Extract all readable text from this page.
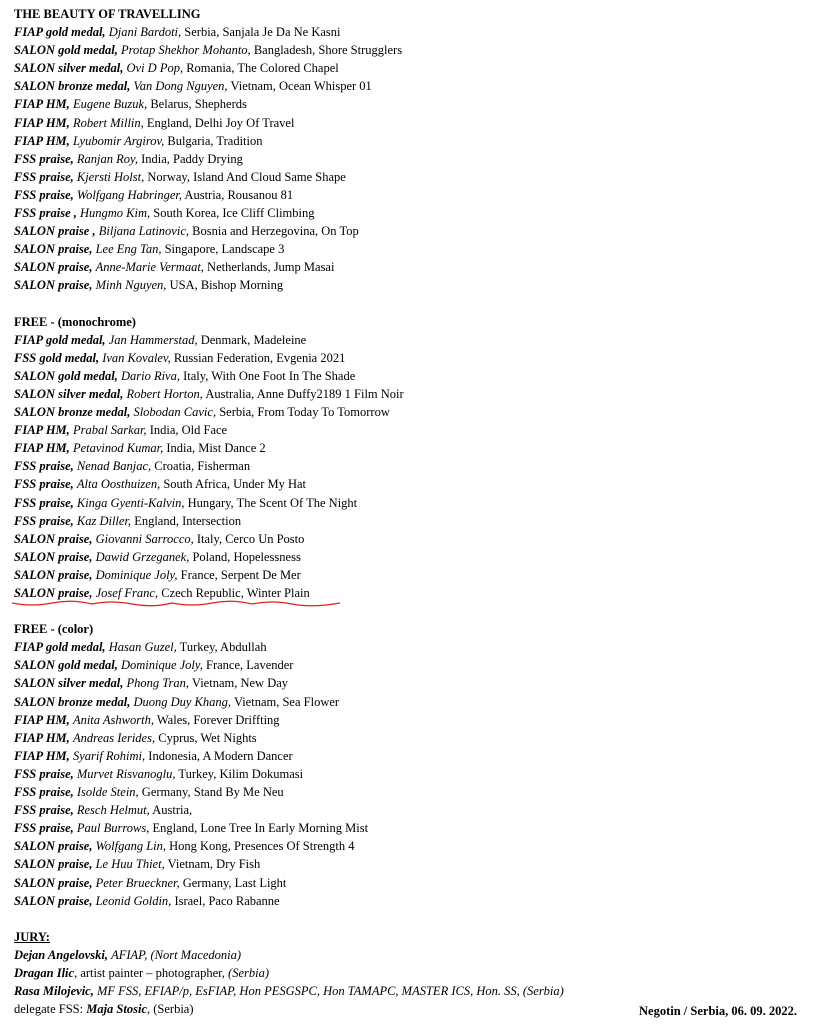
THE BEAUTY OF TRAVELLING
FIAP gold medal, Djani Bardoti, Serbia, Sanjala Je Da Ne Kasni
SALON gold medal, Protap Shekhor Mohanto, Bangladesh, Shore Strugglers
SALON silver medal, Ovi D Pop, Romania, The Colored Chapel
SALON bronze medal, Van Dong Nguyen, Vietnam, Ocean Whisper 01
FIAP HM, Eugene Buzuk, Belarus, Shepherds
FIAP HM, Robert Millin, England, Delhi Joy Of Travel
FIAP HM, Lyubomir Argirov, Bulgaria, Tradition
FSS praise, Ranjan Roy, India, Paddy Drying
FSS praise, Kjersti Holst, Norway, Island And Cloud Same Shape
FSS praise, Wolfgang Habringer, Austria, Rousanou 81
FSS praise , Hungmo Kim, South Korea, Ice Cliff Climbing
SALON praise , Biljana Latinovic, Bosnia and Herzegovina, On Top
SALON praise, Lee Eng Tan, Singapore, Landscape 3
SALON praise, Anne-Marie Vermaat, Netherlands, Jump Masai
SALON praise, Minh Nguyen, USA, Bishop Morning
FREE - (monochrome)
FIAP gold medal, Jan Hammerstad, Denmark, Madeleine
FSS gold medal, Ivan Kovalev, Russian Federation, Evgenia 2021
SALON gold medal, Dario Riva, Italy, With One Foot In The Shade
SALON silver medal, Robert Horton, Australia, Anne Duffy2189 1 Film Noir
SALON bronze medal, Slobodan Cavic, Serbia, From Today To Tomorrow
FIAP HM, Prabal Sarkar, India, Old Face
FIAP HM, Petavinod Kumar, India, Mist Dance 2
FSS praise, Nenad Banjac, Croatia, Fisherman
FSS praise, Alta Oosthuizen, South Africa, Under My Hat
FSS praise, Kinga Gyenti-Kalvin, Hungary, The Scent Of The Night
FSS praise, Kaz Diller, England, Intersection
SALON praise, Giovanni Sarrocco, Italy, Cerco Un Posto
SALON praise, Dawid Grzeganek, Poland, Hopelessness
SALON praise, Dominique Joly, France, Serpent De Mer
SALON praise, Josef Franc, Czech Republic, Winter Plain
FREE - (color)
FIAP gold medal, Hasan Guzel, Turkey, Abdullah
SALON gold medal, Dominique Joly, France, Lavender
SALON silver medal, Phong Tran, Vietnam, New Day
SALON bronze medal, Duong Duy Khang, Vietnam, Sea Flower
FIAP HM, Anita Ashworth, Wales, Forever Driffting
FIAP HM, Andreas Ierides, Cyprus, Wet Nights
FIAP HM, Syarif Rohimi, Indonesia, A Modern Dancer
FSS praise, Murvet Risvanoglu, Turkey, Kilim Dokumasi
FSS praise, Isolde Stein, Germany, Stand By Me Neu
FSS praise, Resch Helmut, Austria,
FSS praise, Paul Burrows, England, Lone Tree In Early Morning Mist
SALON praise, Wolfgang Lin, Hong Kong, Presences Of Strength 4
SALON praise, Le Huu Thiet, Vietnam, Dry Fish
SALON praise, Peter Brueckner, Germany, Last Light
SALON praise, Leonid Goldin, Israel, Paco Rabanne
JURY:
Dejan Angelovski, AFIAP, (Nort Macedonia)
Dragan Ilic, artist painter – photographer, (Serbia)
Rasa Milojevic, MF FSS, EFIAP/p, EsFIAP, Hon PESGSPC, Hon TAMAPC, MASTER ICS, Hon. SS, (Serbia)
delegate FSS: Maja Stosic, (Serbia)	Negotin / Serbia, 06. 09. 2022.
